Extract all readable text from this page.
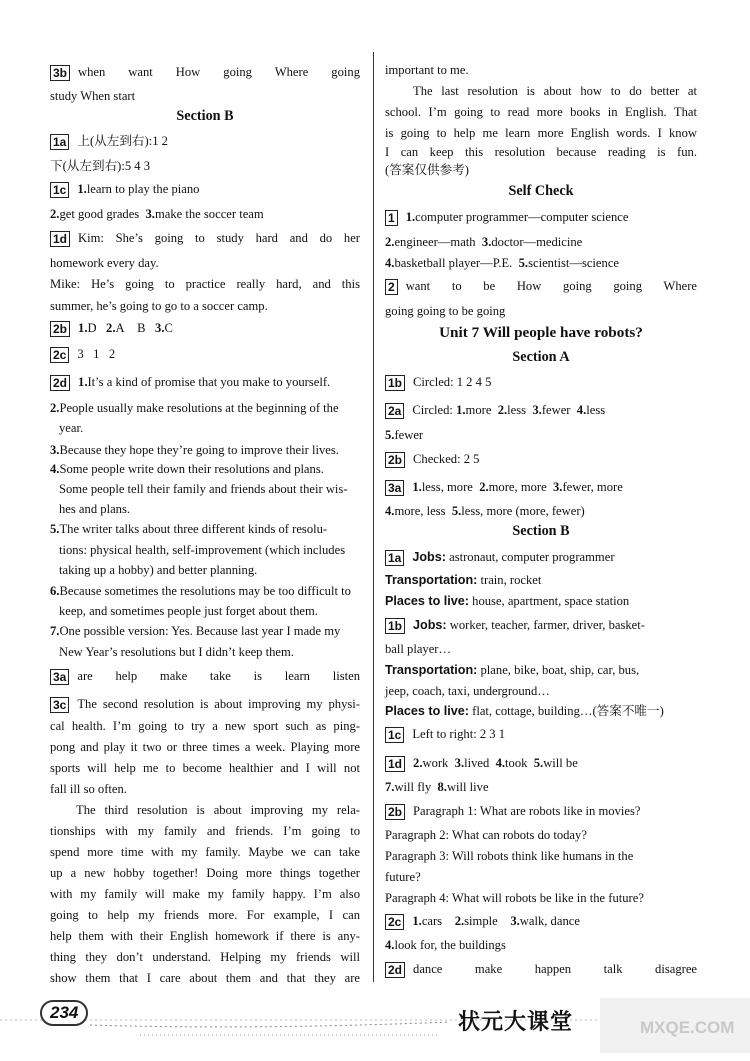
3b when want How going Where going
study When start
Section B
1a 上(从左到右):1 2
下(从左到右):5 4 3
1c 1.learn to play the piano
2.get good grades 3.make the soccer team
1d Kim: She’s going to study hard and do her
homework every day.
Mike: He’s going to practice really hard, and this
summer, he’s going to go to a soccer camp.
2b 1.D   2.A    B   3.C
2c 3   1   2
2d 1.It’s a kind of promise that you make to yourself.
2.People usually make resolutions at the beginning of the
year.
3.Because they hope they’re going to improve their lives.
4.Some people write down their resolutions and plans.
Some people tell their family and friends about their wis-
hes and plans.
5.The writer talks about three different kinds of resolu-
tions: physical health, self-improvement (which includes
taking up a hobby) and better planning.
6.Because sometimes the resolutions may be too difficult to
keep, and sometimes people just forget about them.
7.One possible version: Yes. Because last year I made my
New Year’s resolutions but I didn’t keep them.
3a are help make take is learn listen
3c The second resolution is about improving my physi-
cal health. I’m going to try a new sport such as ping-
pong and play it two or three times a week. Playing more
sports will help me to become healthier and I will not
fall ill so often.
The third resolution is about improving my rela-
tionships with my family and friends. I’m going to
spend more time with my family. Maybe we can take
up a new hobby together! Doing more things together
with my family will make my family happy. I’m also
going to help my friends more. For example, I can
help them with their English homework if there is any-
thing they don’t understand. Helping my friends will
show them that I care about them and that they are
important to me.
The last resolution is about how to do better at
school. I’m going to read more books in English. That
is going to help me learn more English words. I know
I can keep this resolution because reading is fun.
(答案仅供参考)
Self Check
1 1.computer programmer—computer science
2.engineer—math 3.doctor—medicine
4.basketball player—P.E. 5.scientist—science
2 want to be How going going Where
going going to be going
Unit 7 Will people have robots?
Section A
1b Circled: 1 2 4 5
2a Circled: 1.more 2.less 3.fewer 4.less
5.fewer
2b Checked: 2 5
3a 1.less, more 2.more, more 3.fewer, more
4.more, less 5.less, more (more, fewer)
Section B
1a Jobs: astronaut, computer programmer
Transportation: train, rocket
Places to live: house, apartment, space station
1b Jobs: worker, teacher, farmer, driver, basket-
ball player…
Transportation: plane, bike, boat, ship, car, bus,
jeep, coach, taxi, underground…
Places to live: flat, cottage, building…(答案不唯一)
1c Left to right: 2 3 1
1d 2.work 3.lived 4.took 5.will be
7.will fly 8.will live
2b Paragraph 1: What are robots like in movies?
Paragraph 2: What can robots do today?
Paragraph 3: Will robots think like humans in the
future?
Paragraph 4: What will robots be like in the future?
2c 1.cars 2.simple 3.walk, dance
4.look for, the buildings
2d dance make happen talk disagree
234	状元大课堂	MXQE.COM
